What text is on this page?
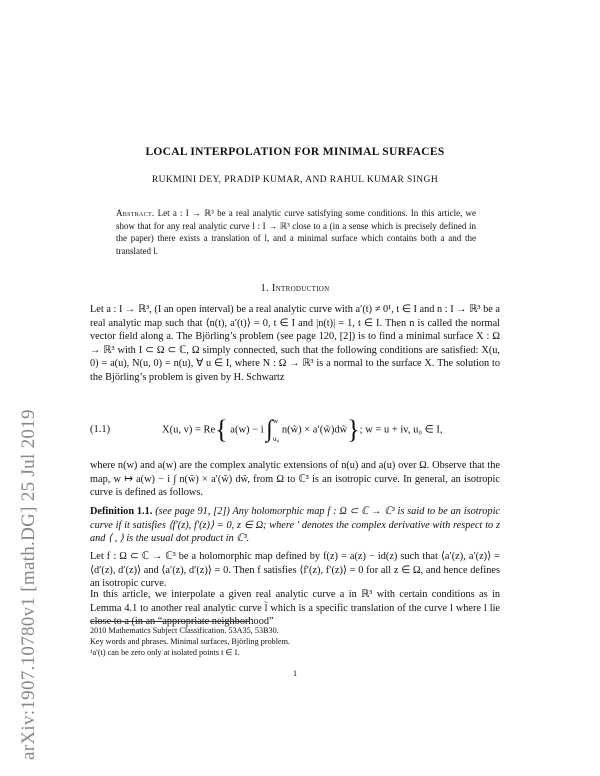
arXiv:1907.10780v1 [math.DG] 25 Jul 2019
LOCAL INTERPOLATION FOR MINIMAL SURFACES
RUKMINI DEY, PRADIP KUMAR, AND RAHUL KUMAR SINGH
Abstract. Let a : I → ℝ³ be a real analytic curve satisfying some conditions. In this article, we show that for any real analytic curve l : I → ℝ³ close to a (in a sense which is precisely defined in the paper) there exists a translation of l, and a minimal surface which contains both a and the translated l.
1. Introduction
Let a : I → ℝ³, (I an open interval) be a real analytic curve with a′(t) ≠ 0¹, t ∈ I and n : I → ℝ³ be a real analytic map such that ⟨n(t), a′(t)⟩ = 0, t ∈ I and |n(t)| = 1, t ∈ I. Then n is called the normal vector field along a. The Björling’s problem (see page 120, [2]) is to find a minimal surface X : Ω → ℝ³ with I ⊂ Ω ⊂ ℂ, Ω simply connected, such that the following conditions are satisfied: X(u, 0) = a(u), N(u, 0) = n(u), ∀ u ∈ I, where N : Ω → ℝ³ is a normal to the surface X. The solution to the Björling’s problem is given by H. Schwartz
(1.1)	X(u, v) = Re{ a(w) − i ∫ w
u₀
n(w̃) × a′(w̃)dw̃}; w = u + iv, u₀ ∈ I,
where n(w) and a(w) are the complex analytic extensions of n(u) and a(u) over Ω. Observe that the map, w ↦ a(w) − i ∫ n(w̃) × a′(w̃) dw̃, from Ω to ℂ³ is an isotropic curve. In general, an isotropic curve is defined as follows.
Definition 1.1. (see page 91, [2]) Any holomorphic map f : Ω ⊂ ℂ → ℂ³ is said to be an isotropic curve if it satisfies ⟨f′(z), f′(z)⟩ = 0, z ∈ Ω; where ′ denotes the complex derivative with respect to z and ⟨ , ⟩ is the usual dot product in ℂ³.
Let f : Ω ⊂ ℂ → ℂ³ be a holomorphic map defined by f(z) = a(z) − id(z) such that ⟨a′(z), a′(z)⟩ = ⟨d′(z), d′(z)⟩ and ⟨a′(z), d′(z)⟩ = 0. Then f satisfies ⟨f′(z), f′(z)⟩ = 0 for all z ∈ Ω, and hence defines an isotropic curve.
In this article, we interpolate a given real analytic curve a in ℝ³ with certain conditions as in Lemma 4.1 to another real analytic curve l̃ which is a specific translation of the curve l where l lie close to a (in an “appropriate neighborhood”
2010 Mathematics Subject Classification. 53A35, 53B30.
Key words and phrases. Minimal surfaces, Björling problem.
¹a′(t) can be zero only at isolated points t ∈ I.
1
